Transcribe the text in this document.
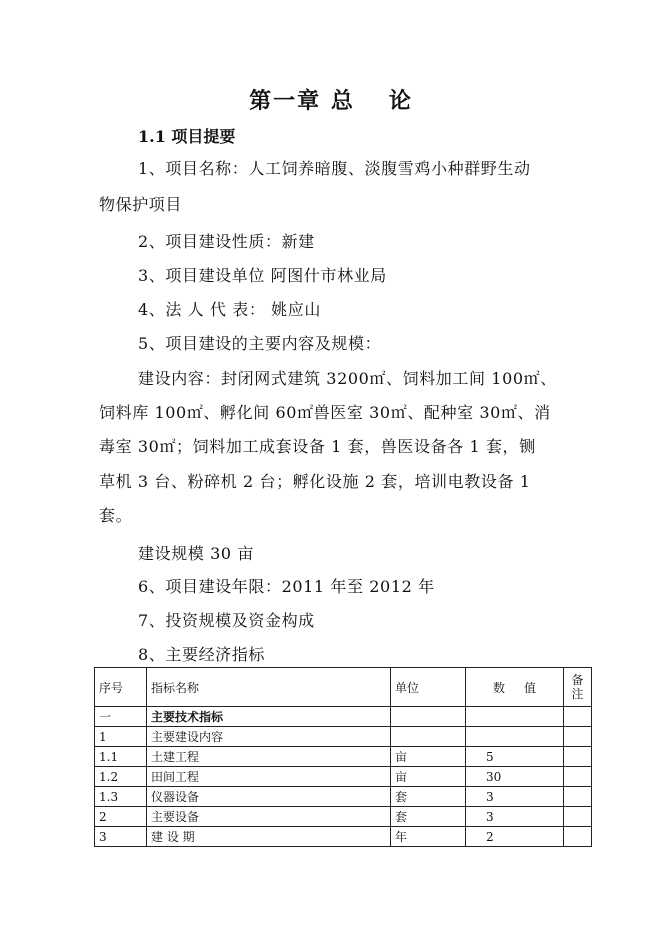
第一章 总 论
1.1 项目提要
1、项目名称：人工饲养暗腹、淡腹雪鸡小种群野生动
物保护项目
2、项目建设性质：新建
3、项目建设单位 阿图什市林业局
4、法 人 代 表： 姚应山
5、项目建设的主要内容及规模：
建设内容：封闭网式建筑 3200㎡、饲料加工间 100㎡、
饲料库 100㎡、孵化间 60㎡兽医室 30㎡、配种室 30㎡、消
毒室 30㎡；饲料加工成套设备 1 套，兽医设备各 1 套，铡
草机 3 台、粉碎机 2 台；孵化设施 2 套，培训电教设备 1
套。
建设规模 30 亩
6、项目建设年限：2011 年至 2012 年
7、投资规模及资金构成
8、主要经济指标
序号	指标名称	单位	数     值	备注
一	主要技术指标			
1	主要建设内容			
1.1	土建工程	亩	5	
1.2	田间工程	亩	30	
1.3	仪器设备	套	3	
2	主要设备	套	3	
3	建 设 期	年	2	
